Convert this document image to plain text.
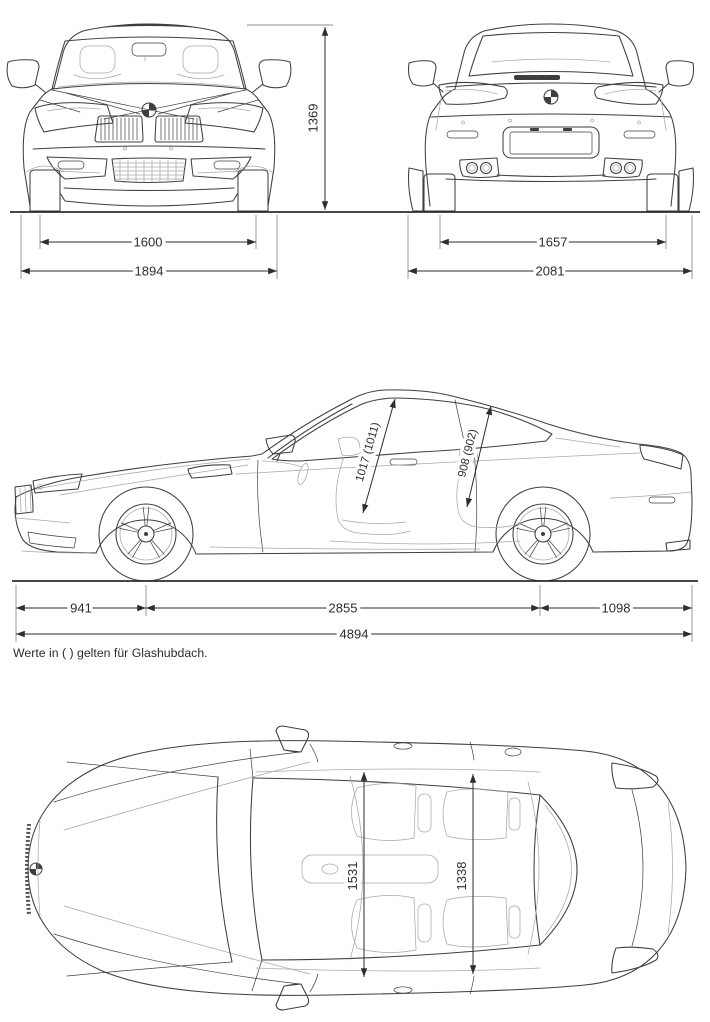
1369
1600
1894
1657
2081
1017 (1011)	908 (902)
941	2855	1098
4894
Werte in ( ) gelten für Glashubdach.
1531	1338
